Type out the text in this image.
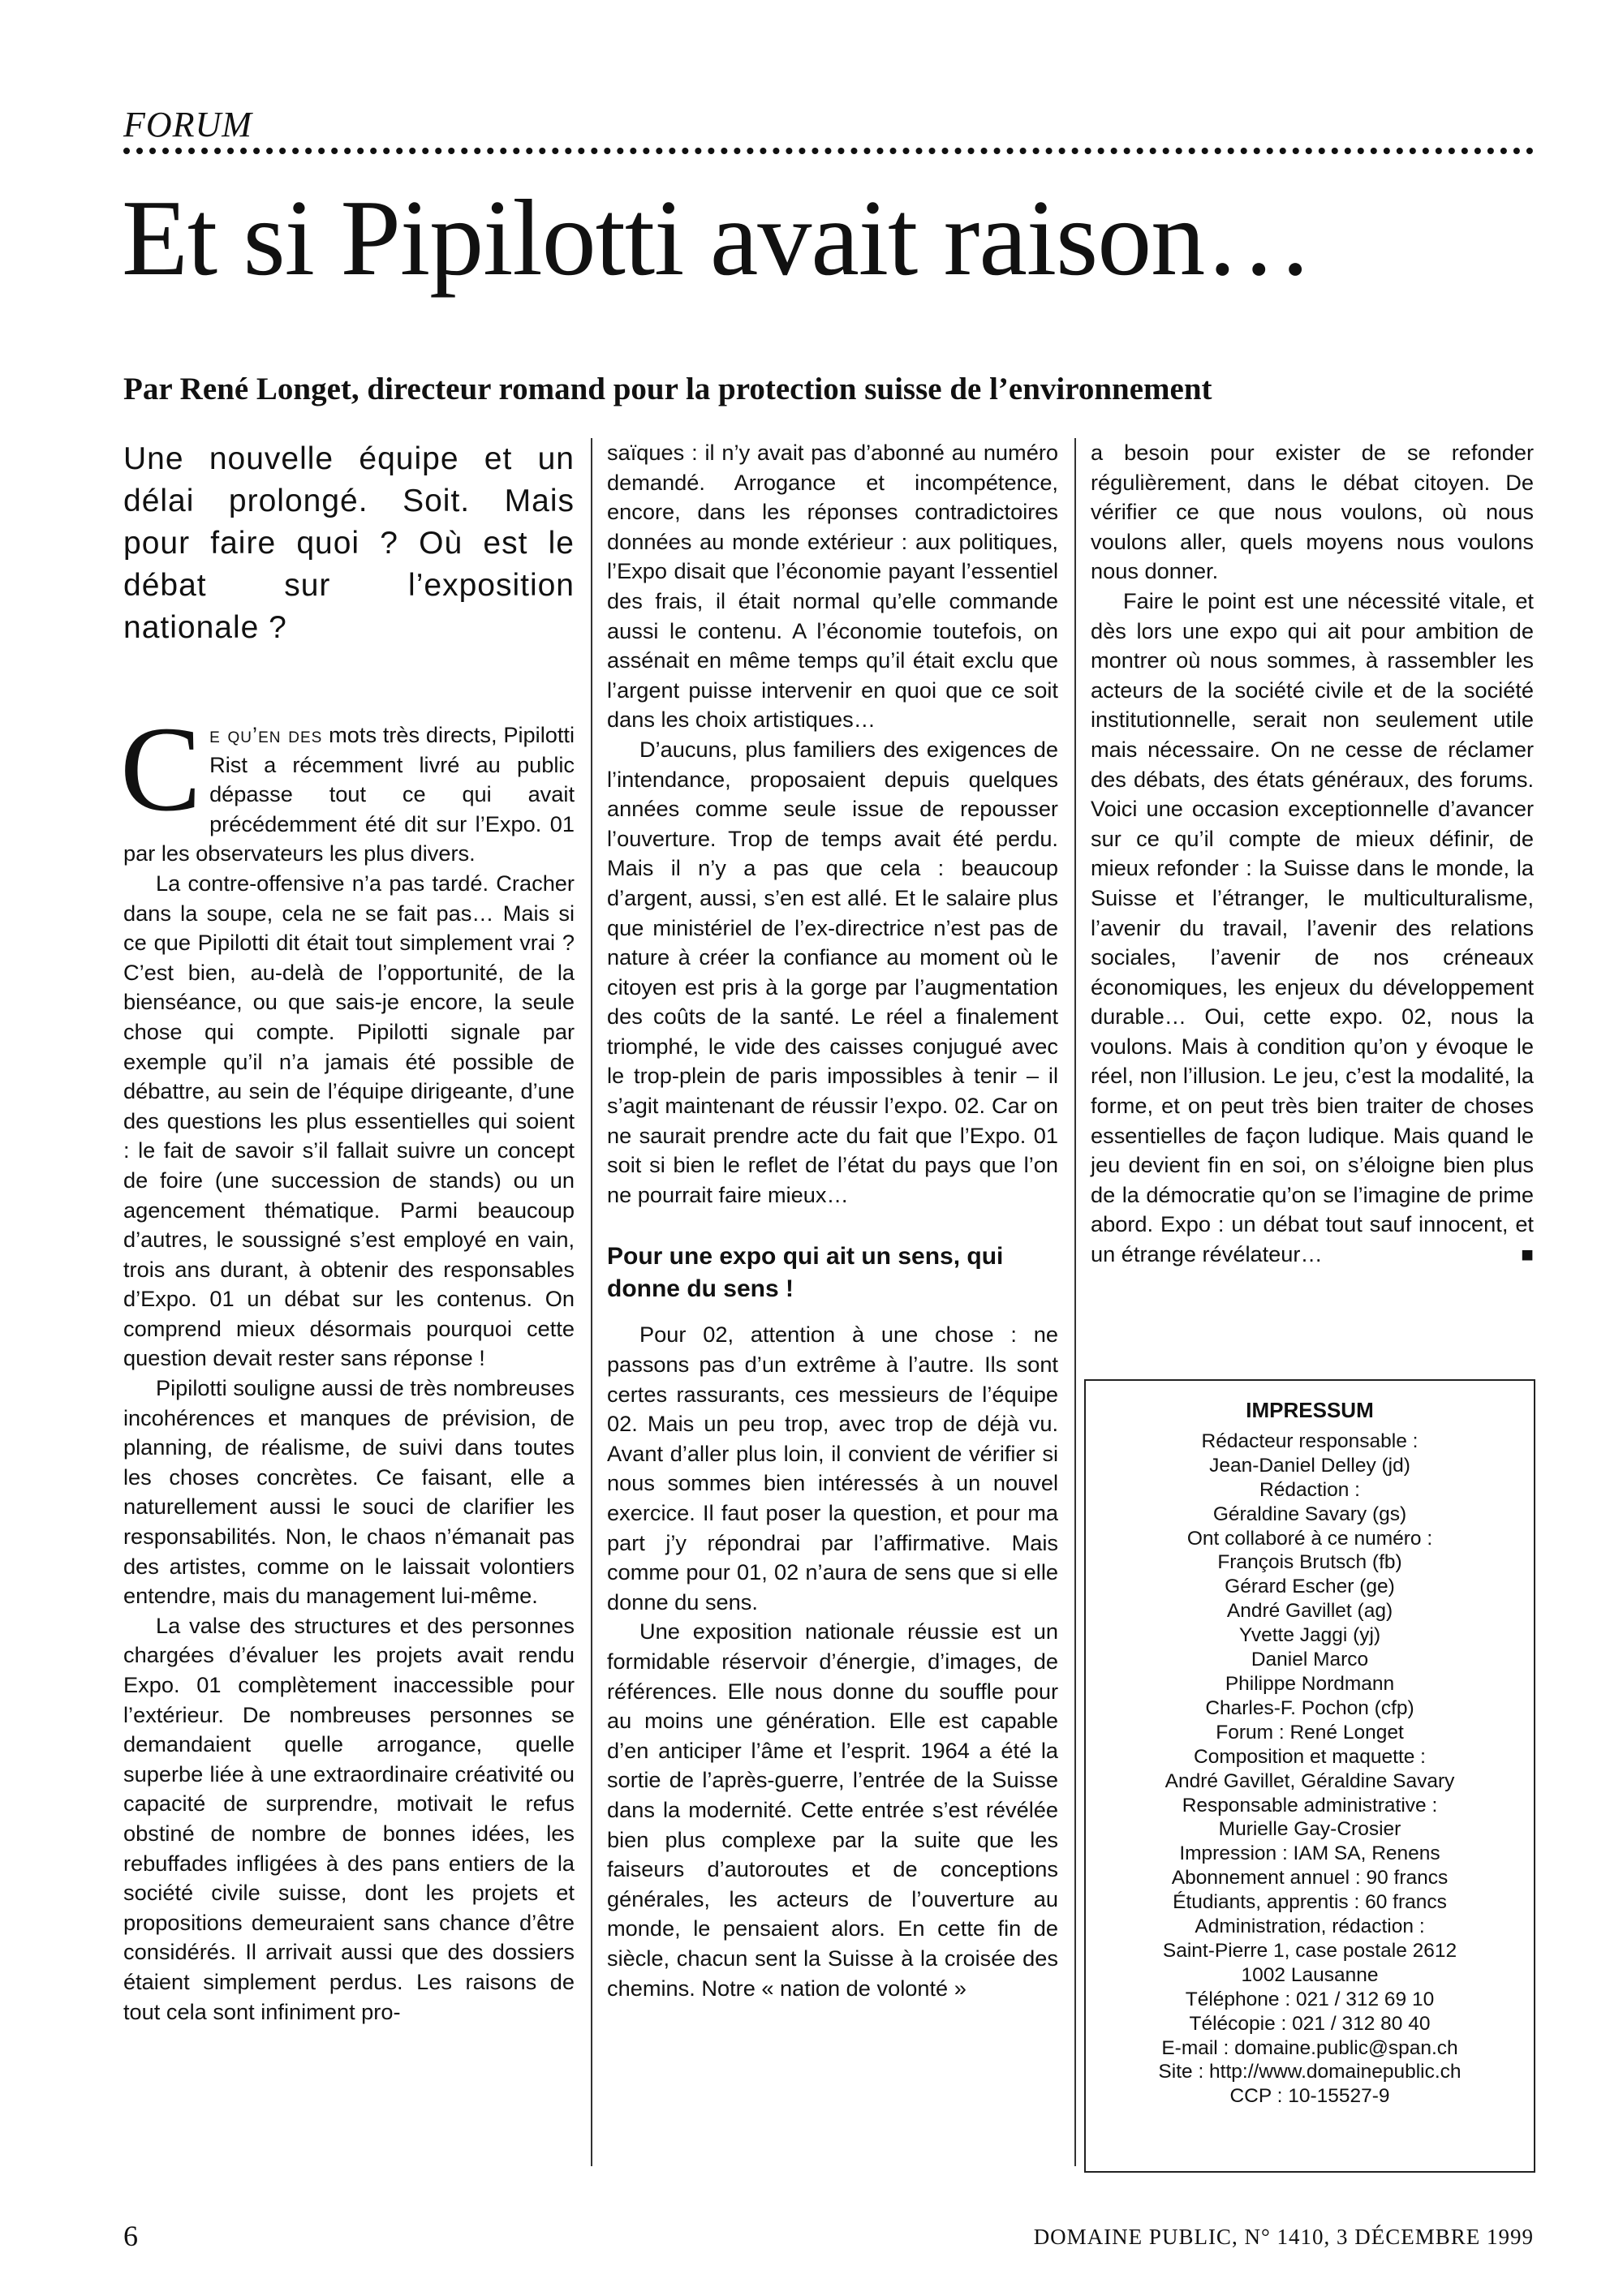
FORUM
Et si Pipilotti avait raison…
Par René Longet, directeur romand pour la protection suisse de l’environnement
Une nouvelle équipe et un délai prolongé. Soit. Mais pour faire quoi ? Où est le débat sur l’exposition nationale ?

Ce qu’en des mots très directs, Pipilotti Rist a récemment livré au public dépasse tout ce qui avait précédemment été dit sur l’Expo. 01 par les observateurs les plus divers.

La contre-offensive n’a pas tardé. Cracher dans la soupe, cela ne se fait pas… Mais si ce que Pipilotti dit était tout simplement vrai ? C’est bien, au-delà de l’opportunité, de la bienséance, ou que sais-je encore, la seule chose qui compte. Pipilotti signale par exemple qu’il n’a jamais été possible de débattre, au sein de l’équipe dirigeante, d’une des questions les plus essentielles qui soient : le fait de savoir s’il fallait suivre un concept de foire (une succession de stands) ou un agencement thématique. Parmi beaucoup d’autres, le soussigné s’est employé en vain, trois ans durant, à obtenir des responsables d’Expo. 01 un débat sur les contenus. On comprend mieux désormais pourquoi cette question devait rester sans réponse !

Pipilotti souligne aussi de très nombreuses incohérences et manques de prévision, de planning, de réalisme, de suivi dans toutes les choses concrètes. Ce faisant, elle a naturellement aussi le souci de clarifier les responsabilités. Non, le chaos n’émanait pas des artistes, comme on le laissait volontiers entendre, mais du management lui-même.

La valse des structures et des personnes chargées d’évaluer les projets avait rendu Expo. 01 complètement inaccessible pour l’extérieur. De nombreuses personnes se demandaient quelle arrogance, quelle superbe liée à une extraordinaire créativité ou capacité de surprendre, motivait le refus obstiné de nombre de bonnes idées, les rebuffades infligées à des pans entiers de la société civile suisse, dont les projets et propositions demeuraient sans chance d’être considérés. Il arrivait aussi que des dossiers étaient simplement perdus. Les raisons de tout cela sont infiniment pro-

saïques : il n’y avait pas d’abonné au numéro demandé. Arrogance et incompétence, encore, dans les réponses contradictoires données au monde extérieur : aux politiques, l’Expo disait que l’économie payant l’essentiel des frais, il était normal qu’elle commande aussi le contenu. A l’économie toutefois, on assénait en même temps qu’il était exclu que l’argent puisse intervenir en quoi que ce soit dans les choix artistiques…

D’aucuns, plus familiers des exigences de l’intendance, proposaient depuis quelques années comme seule issue de repousser l’ouverture. Trop de temps avait été perdu. Mais il n’y a pas que cela : beaucoup d’argent, aussi, s’en est allé. Et le salaire plus que ministériel de l’ex-directrice n’est pas de nature à créer la confiance au moment où le citoyen est pris à la gorge par l’augmentation des coûts de la santé. Le réel a finalement triomphé, le vide des caisses conjugué avec le trop-plein de paris impossibles à tenir – il s’agit maintenant de réussir l’expo. 02. Car on ne saurait prendre acte du fait que l’Expo. 01 soit si bien le reflet de l’état du pays que l’on ne pourrait faire mieux…

Pour une expo qui ait un sens, qui donne du sens !

Pour 02, attention à une chose : ne passons pas d’un extrême à l’autre. Ils sont certes rassurants, ces messieurs de l’équipe 02. Mais un peu trop, avec trop de déjà vu. Avant d’aller plus loin, il convient de vérifier si nous sommes bien intéressés à un nouvel exercice. Il faut poser la question, et pour ma part j’y répondrai par l’affirmative. Mais comme pour 01, 02 n’aura de sens que si elle donne du sens.

Une exposition nationale réussie est un formidable réservoir d’énergie, d’images, de références. Elle nous donne du souffle pour au moins une génération. Elle est capable d’en anticiper l’âme et l’esprit. 1964 a été la sortie de l’après-guerre, l’entrée de la Suisse dans la modernité. Cette entrée s’est révélée bien plus complexe par la suite que les faiseurs d’autoroutes et de conceptions générales, les acteurs de l’ouverture au monde, le pensaient alors. En cette fin de siècle, chacun sent la Suisse à la croisée des chemins. Notre « nation de volonté »

a besoin pour exister de se refonder régulièrement, dans le débat citoyen. De vérifier ce que nous voulons, où nous voulons aller, quels moyens nous voulons nous donner.

Faire le point est une nécessité vitale, et dès lors une expo qui ait pour ambition de montrer où nous sommes, à rassembler les acteurs de la société civile et de la société institutionnelle, serait non seulement utile mais nécessaire. On ne cesse de réclamer des débats, des états généraux, des forums. Voici une occasion exceptionnelle d’avancer sur ce qu’il compte de mieux définir, de mieux refonder : la Suisse dans le monde, la Suisse et l’étranger, le multiculturalisme, l’avenir du travail, l’avenir des relations sociales, l’avenir de nos créneaux économiques, les enjeux du développement durable… Oui, cette expo. 02, nous la voulons. Mais à condition qu’on y évoque le réel, non l’illusion. Le jeu, c’est la modalité, la forme, et on peut très bien traiter de choses essentielles de façon ludique. Mais quand le jeu devient fin en soi, on s’éloigne bien plus de la démocratie qu’on se l’imagine de prime abord. Expo : un débat tout sauf innocent, et un étrange révélateur…	■

IMPRESSUM
Rédacteur responsable :
Jean-Daniel Delley (jd)
Rédaction :
Géraldine Savary (gs)
Ont collaboré à ce numéro :
François Brutsch (fb)
Gérard Escher (ge)
André Gavillet (ag)
Yvette Jaggi (yj)
Daniel Marco
Philippe Nordmann
Charles-F. Pochon (cfp)
Forum : René Longet
Composition et maquette :
André Gavillet, Géraldine Savary
Responsable administrative :
Murielle Gay-Crosier
Impression : IAM SA, Renens
Abonnement annuel : 90 francs
Étudiants, apprentis : 60 francs
Administration, rédaction :
Saint-Pierre 1, case postale 2612
1002 Lausanne
Téléphone : 021 / 312 69 10
Télécopie : 021 / 312 80 40
E-mail : domaine.public@span.ch
Site : http://www.domainepublic.ch
CCP : 10-15527-9
6	DOMAINE PUBLIC, N° 1410, 3 DÉCEMBRE 1999
